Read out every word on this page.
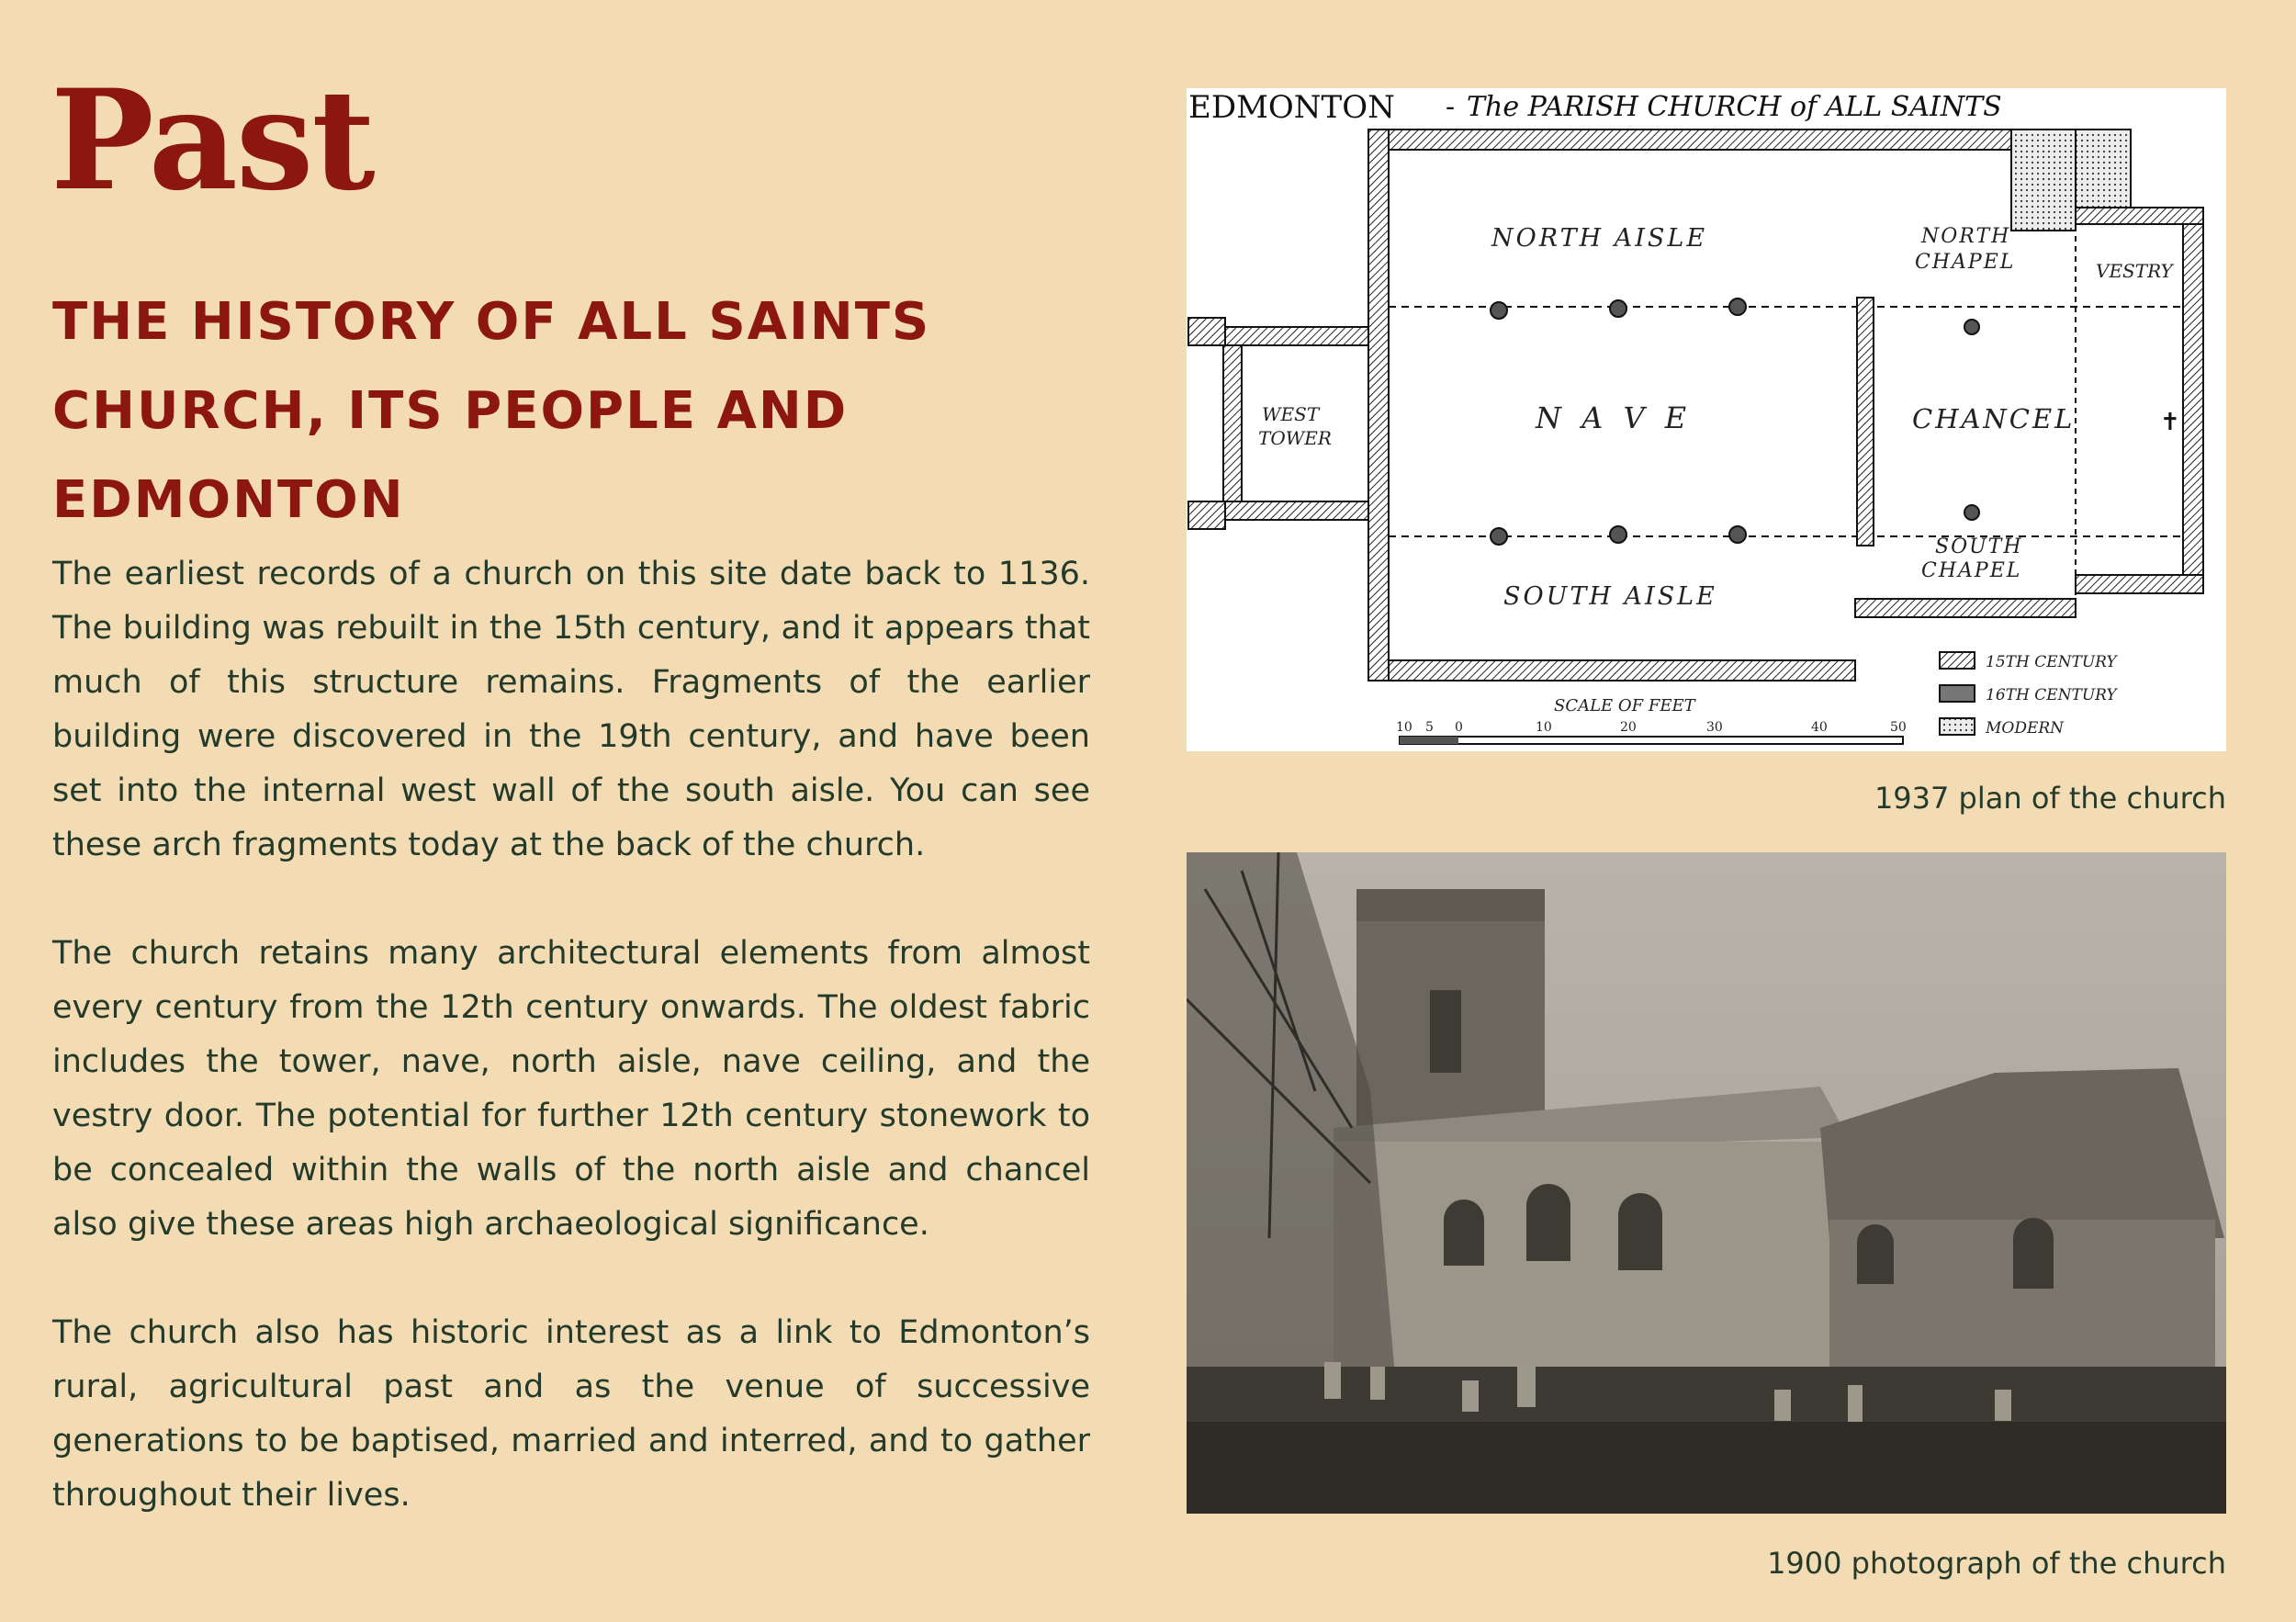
Past
THE HISTORY OF ALL SAINTS CHURCH, ITS PEOPLE AND EDMONTON

The earliest records of a church on this site date back to 1136. The building was rebuilt in the 15th century, and it appears that much of this structure remains. Fragments of the earlier building were discovered in the 19th century, and have been set into the internal west wall of the south aisle. You can see these arch fragments today at the back of the church.

The church retains many architectural elements from almost every century from the 12th century onwards. The oldest fabric includes the tower, nave, north aisle, nave ceiling, and the vestry door. The potential for further 12th century stonework to be concealed within the walls of the north aisle and chancel also give these areas high archaeological significance.

The church also has historic interest as a link to Edmonton’s rural, agricultural past and as the venue of successive generations to be baptised, married and interred, and to gather throughout their lives.

EDMONTON - The PARISH CHURCH of ALL SAINTS
✝
NORTH AISLE	NORTH
CHAPEL	VESTRY
WEST
TOWER
N A V E	CHANCEL
SOUTH
CHAPEL
SOUTH AISLE
SCALE OF FEET
10 5 0	10	20	30	40	50
15TH CENTURY
16TH CENTURY
MODERN
1937 plan of the church
1900 photograph of the church
